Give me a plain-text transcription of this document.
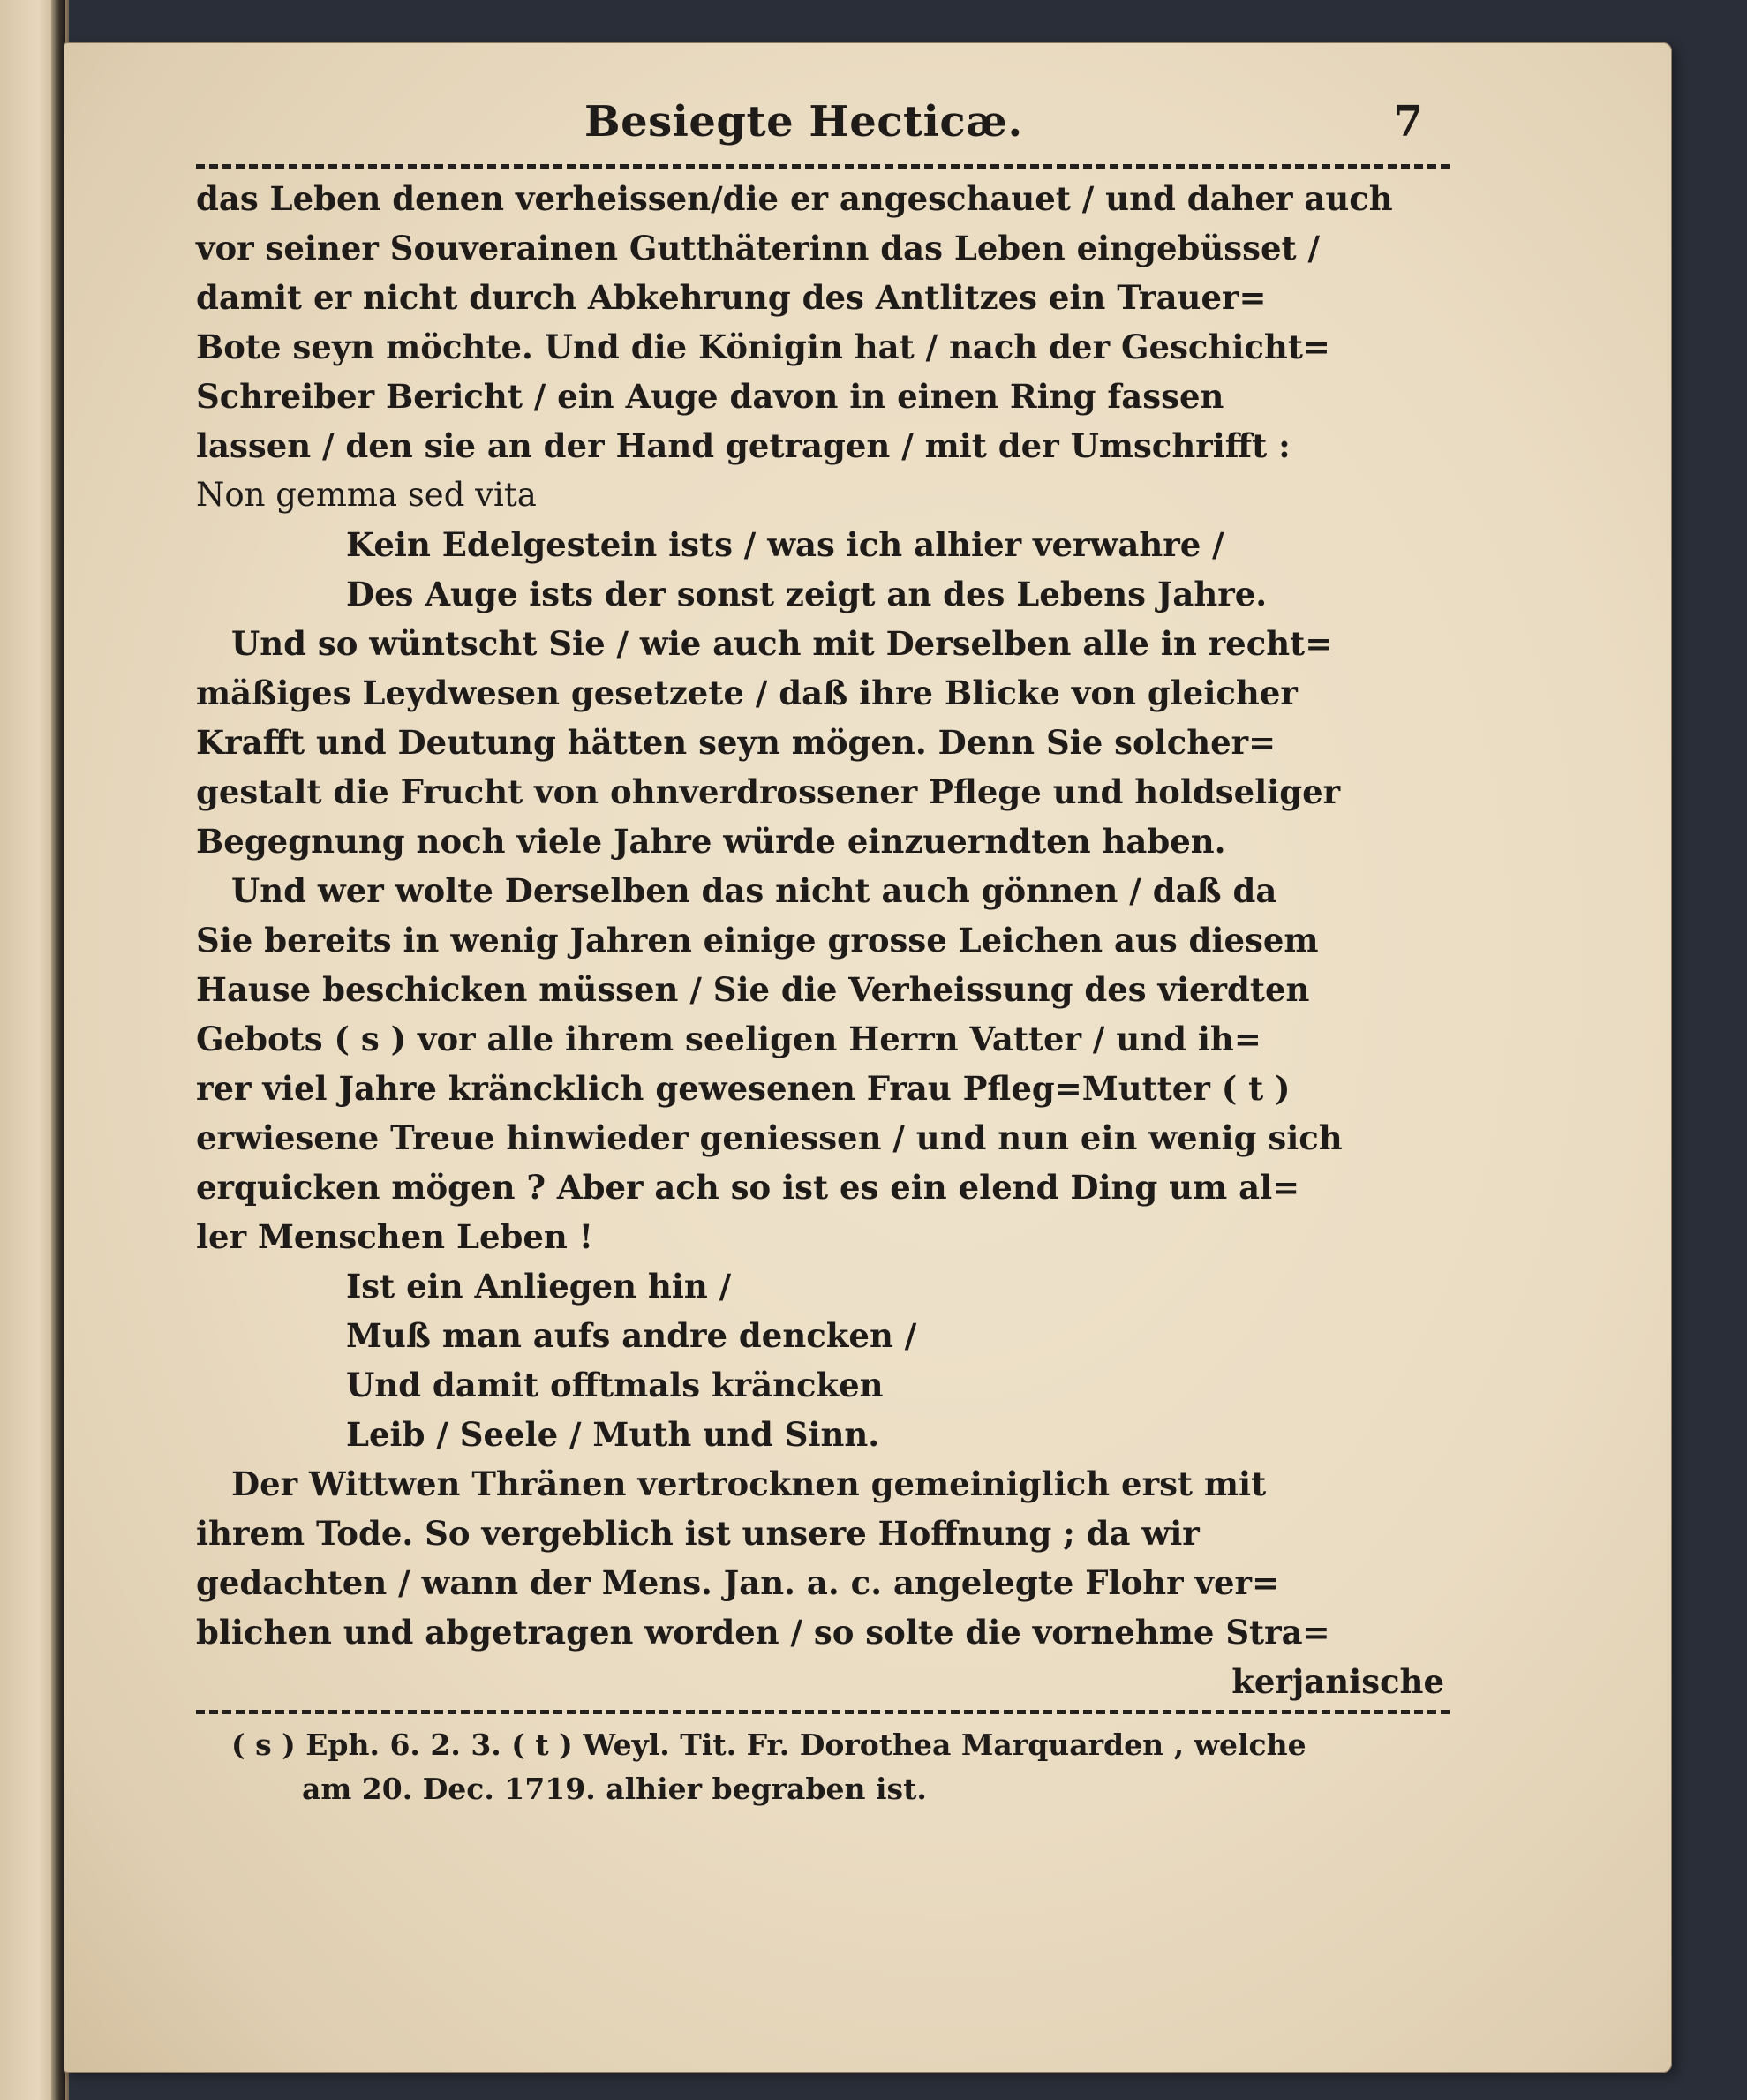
Besiegte Hecticæ.	7
das Leben denen verheissen/die er angeschauet / und daher auch
vor seiner Souverainen Gutthäterinn das Leben eingebüsset /
damit er nicht durch Abkehrung des Antlitzes ein Trauer=
Bote seyn möchte. Und die Königin hat / nach der Geschicht=
Schreiber Bericht / ein Auge davon in einen Ring fassen
lassen / den sie an der Hand getragen / mit der Umschrifft :
Non gemma sed vita
Kein Edelgestein ists / was ich alhier verwahre /
Des Auge ists der sonst zeigt an des Lebens Jahre.
Und so wüntscht Sie / wie auch mit Derselben alle in recht=
mäßiges Leydwesen gesetzete / daß ihre Blicke von gleicher
Krafft und Deutung hätten seyn mögen. Denn Sie solcher=
gestalt die Frucht von ohnverdrossener Pflege und holdseliger
Begegnung noch viele Jahre würde einzuerndten haben.
Und wer wolte Derselben das nicht auch gönnen / daß da
Sie bereits in wenig Jahren einige grosse Leichen aus diesem
Hause beschicken müssen / Sie die Verheissung des vierdten
Gebots ( s ) vor alle ihrem seeligen Herrn Vatter / und ih=
rer viel Jahre kräncklich gewesenen Frau Pfleg=Mutter ( t )
erwiesene Treue hinwieder geniessen / und nun ein wenig sich
erquicken mögen ? Aber ach so ist es ein elend Ding um al=
ler Menschen Leben !
Ist ein Anliegen hin /
Muß man aufs andre dencken /
Und damit offtmals kräncken
Leib / Seele / Muth und Sinn.
Der Wittwen Thränen vertrocknen gemeiniglich erst mit
ihrem Tode. So vergeblich ist unsere Hoffnung ; da wir
gedachten / wann der Mens. Jan. a. c. angelegte Flohr ver=
blichen und abgetragen worden / so solte die vornehme Stra=
kerjanische
( s ) Eph. 6. 2. 3. ( t ) Weyl. Tit. Fr. Dorothea Marquarden , welche
am 20. Dec. 1719. alhier begraben ist.
